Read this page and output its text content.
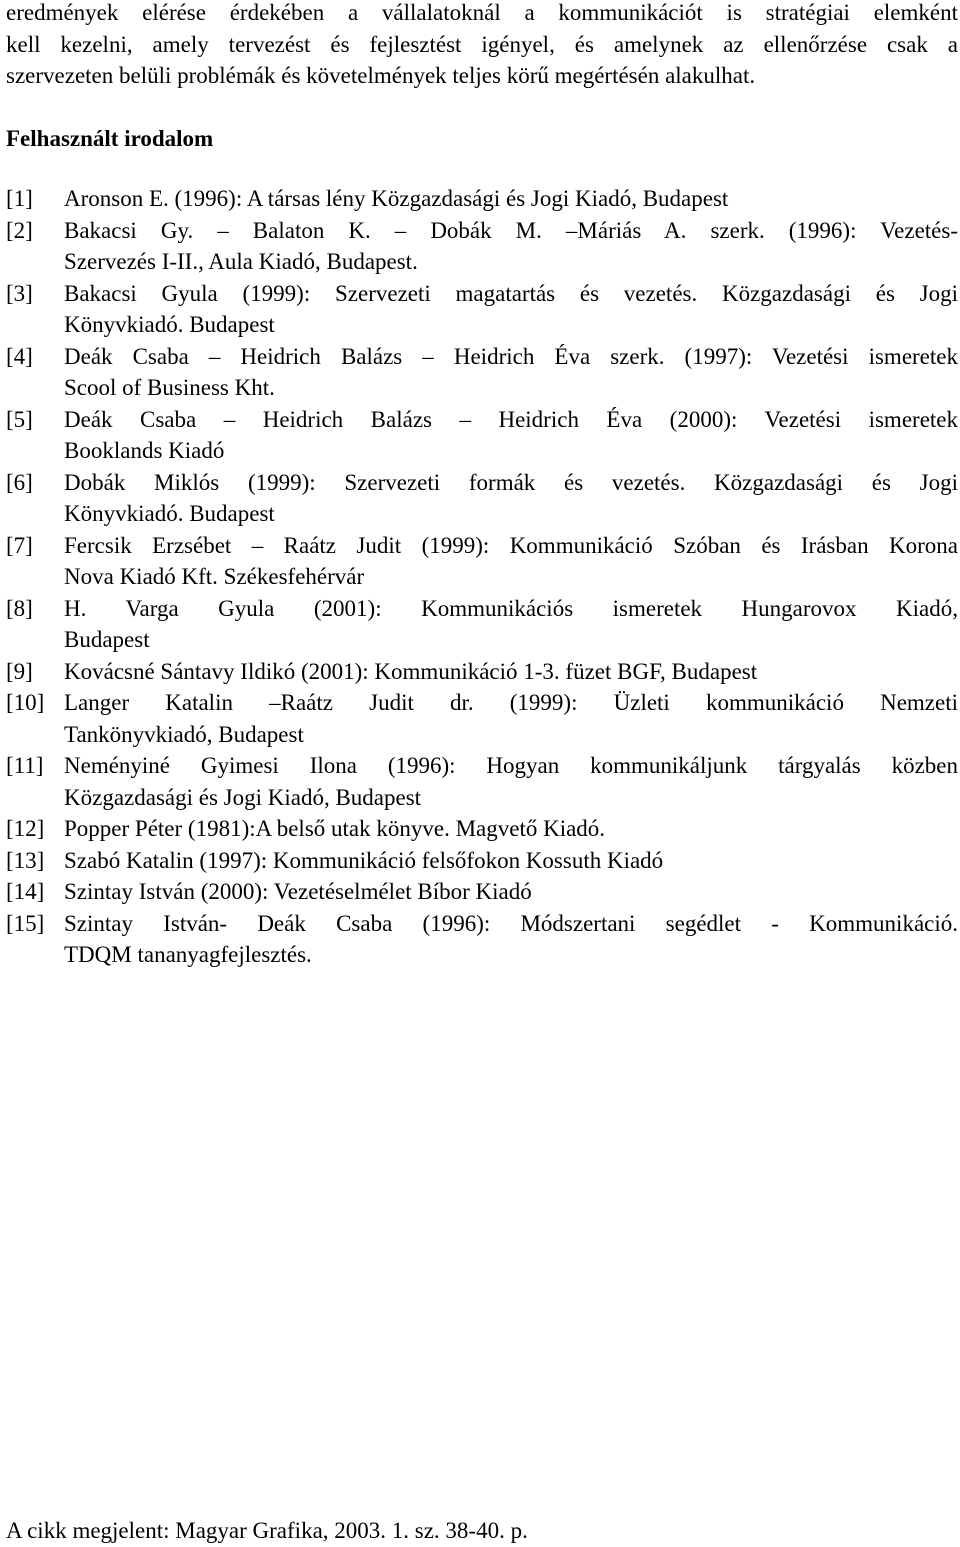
eredmények elérése érdekében a vállalatoknál a kommunikációt is stratégiai elemként
kell kezelni, amely tervezést és fejlesztést igényel, és amelynek az ellenőrzése csak a
szervezeten belüli problémák és követelmények teljes körű megértésén alakulhat.
Felhasznált irodalom
[1] Aronson E. (1996): A társas lény Közgazdasági és Jogi Kiadó, Budapest
[2] Bakacsi Gy. – Balaton K. – Dobák M. –Máriás A. szerk. (1996): Vezetés-
Szervezés I-II., Aula Kiadó, Budapest.
[3] Bakacsi Gyula (1999): Szervezeti magatartás és vezetés. Közgazdasági és Jogi
Könyvkiadó. Budapest
[4] Deák Csaba – Heidrich Balázs – Heidrich Éva szerk. (1997): Vezetési ismeretek
Scool of Business Kht.
[5] Deák Csaba – Heidrich Balázs – Heidrich Éva (2000): Vezetési ismeretek
Booklands Kiadó
[6] Dobák Miklós (1999): Szervezeti formák és vezetés. Közgazdasági és Jogi
Könyvkiadó. Budapest
[7] Fercsik Erzsébet – Raátz Judit (1999): Kommunikáció Szóban és Irásban Korona
Nova Kiadó Kft. Székesfehérvár
[8] H. Varga Gyula (2001): Kommunikációs ismeretek Hungarovox Kiadó,
Budapest
[9] Kovácsné Sántavy Ildikó (2001): Kommunikáció 1-3. füzet BGF, Budapest
[10] Langer Katalin –Raátz Judit dr. (1999): Üzleti kommunikáció Nemzeti
Tankönyvkiadó, Budapest
[11] Neményiné Gyimesi Ilona (1996): Hogyan kommunikáljunk tárgyalás közben
Közgazdasági és Jogi Kiadó, Budapest
[12] Popper Péter (1981):A belső utak könyve. Magvető Kiadó.
[13] Szabó Katalin (1997): Kommunikáció felsőfokon Kossuth Kiadó
[14] Szintay István (2000): Vezetéselmélet Bíbor Kiadó
[15] Szintay István- Deák Csaba (1996): Módszertani segédlet - Kommunikáció.
TDQM tananyagfejlesztés.
A cikk megjelent: Magyar Grafika, 2003. 1. sz. 38-40. p.
